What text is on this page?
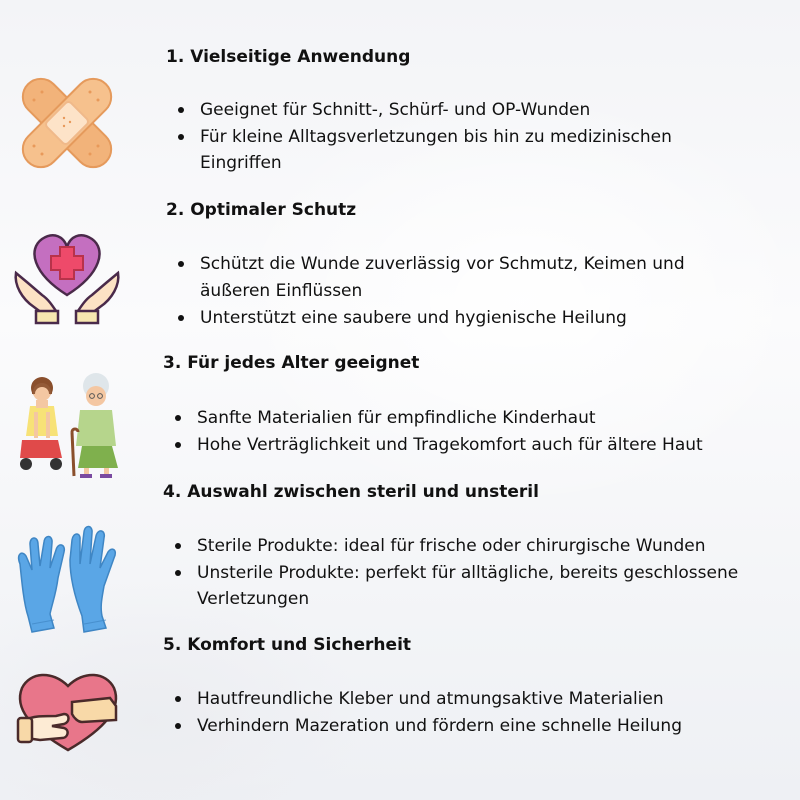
1. Vielseitige Anwendung
Geeignet für Schnitt-, Schürf- und OP-Wunden
Für kleine Alltagsverletzungen bis hin zu medizinischen
Eingriffen
2. Optimaler Schutz
Schützt die Wunde zuverlässig vor Schmutz, Keimen und
äußeren Einflüssen
Unterstützt eine saubere und hygienische Heilung
3. Für jedes Alter geeignet
Sanfte Materialien für empfindliche Kinderhaut
Hohe Verträglichkeit und Tragekomfort auch für ältere Haut
4. Auswahl zwischen steril und unsteril
Sterile Produkte: ideal für frische oder chirurgische Wunden
Unsterile Produkte: perfekt für alltägliche, bereits geschlossene
Verletzungen
5. Komfort und Sicherheit
Hautfreundliche Kleber und atmungsaktive Materialien
Verhindern Mazeration und fördern eine schnelle Heilung
